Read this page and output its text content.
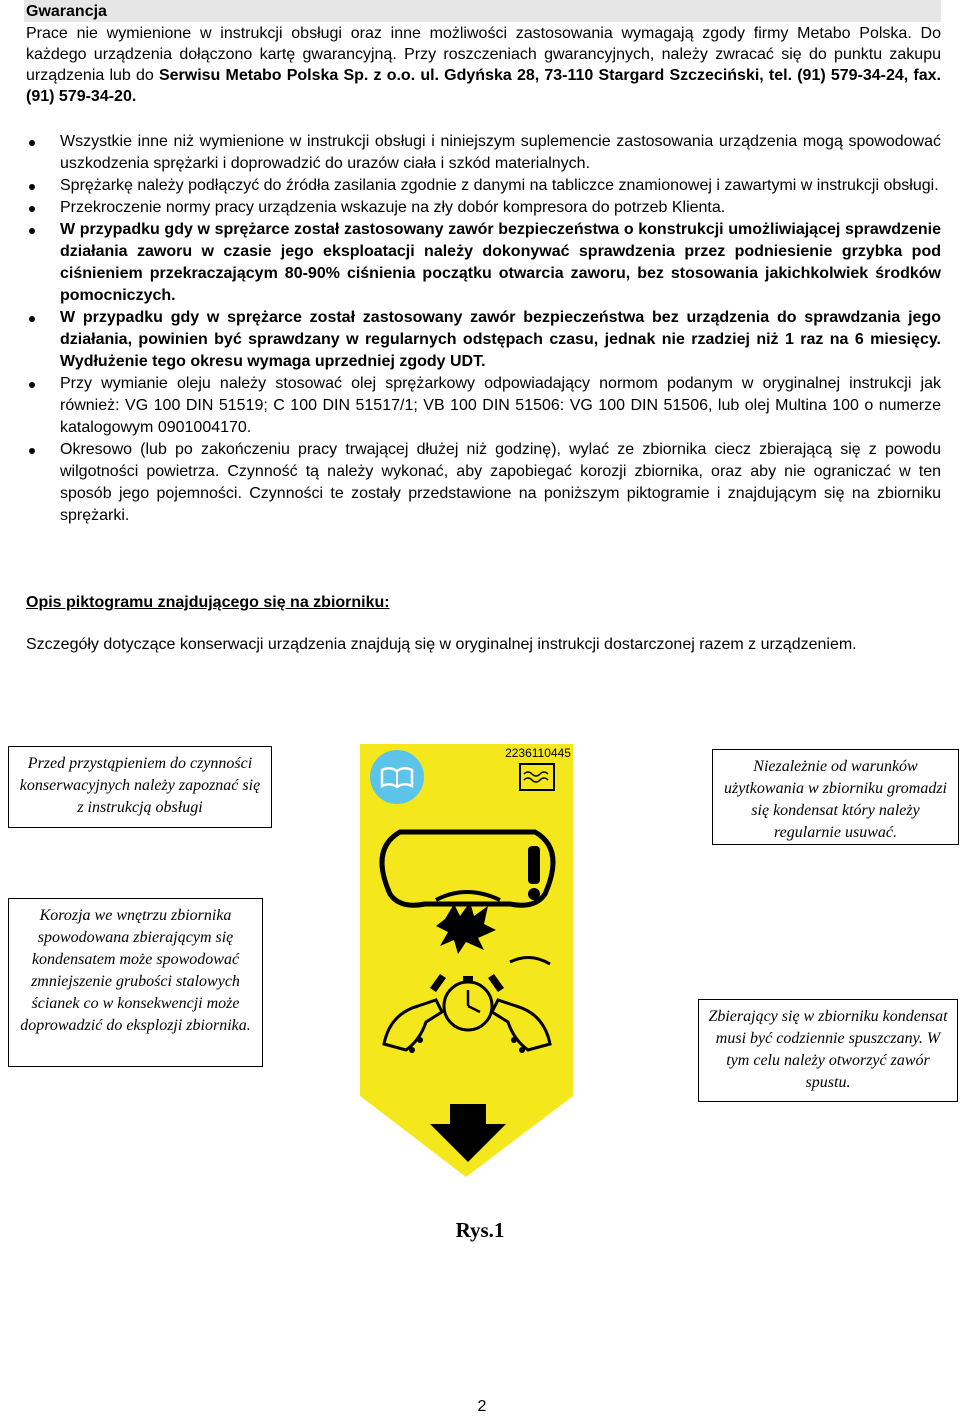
Gwarancja
Prace nie wymienione w instrukcji obsługi oraz inne możliwości zastosowania wymagają zgody firmy Metabo Polska. Do każdego urządzenia dołączono kartę gwarancyjną. Przy roszczeniach gwarancyjnych, należy zwracać się do punktu zakupu urządzenia lub do Serwisu Metabo Polska Sp. z o.o. ul. Gdyńska 28, 73-110 Stargard Szczeciński, tel. (91) 579-34-24, fax. (91) 579-34-20.
Wszystkie inne niż wymienione w instrukcji obsługi i niniejszym suplemencie zastosowania urządzenia mogą spowodować uszkodzenia sprężarki i doprowadzić do urazów ciała i szkód materialnych.
Sprężarkę należy podłączyć do źródła zasilania zgodnie z danymi na tabliczce znamionowej i zawartymi w instrukcji obsługi.
Przekroczenie normy pracy urządzenia wskazuje na zły dobór kompresora do potrzeb Klienta.
W przypadku gdy w sprężarce został zastosowany zawór bezpieczeństwa o konstrukcji umożliwiającej sprawdzenie działania zaworu w czasie jego eksploatacji należy dokonywać sprawdzenia przez podniesienie grzybka pod ciśnieniem przekraczającym 80-90% ciśnienia początku otwarcia zaworu, bez stosowania jakichkolwiek środków pomocniczych.
W przypadku gdy w sprężarce został zastosowany zawór bezpieczeństwa bez urządzenia do sprawdzania jego działania, powinien być sprawdzany w regularnych odstępach czasu, jednak nie rzadziej niż 1 raz na 6 miesięcy. Wydłużenie tego okresu wymaga uprzedniej zgody UDT.
Przy wymianie oleju należy stosować olej sprężarkowy odpowiadający normom podanym w oryginalnej instrukcji jak również: VG 100 DIN 51519; C 100 DIN 51517/1; VB 100 DIN 51506: VG 100 DIN 51506, lub olej Multina 100 o numerze katalogowym 0901004170.
Okresowo (lub po zakończeniu pracy trwającej dłużej niż godzinę), wylać ze zbiornika ciecz zbierającą się z powodu wilgotności powietrza. Czynność tą należy wykonać, aby zapobiegać korozji zbiornika, oraz aby nie ograniczać w ten sposób jego pojemności. Czynności te zostały przedstawione na poniższym piktogramie i znajdującym się na zbiorniku sprężarki.
Opis piktogramu znajdującego się na zbiorniku:
Szczegóły dotyczące konserwacji urządzenia znajdują się w oryginalnej instrukcji dostarczonej razem z urządzeniem.
Przed przystąpieniem do czynności konserwacyjnych należy zapoznać się z instrukcją obsługi
Niezależnie od warunków użytkowania w zbiorniku gromadzi się kondensat który należy regularnie usuwać.
Korozja we wnętrzu zbiornika spowodowana zbierającym się kondensatem może spowodować zmniejszenie grubości stalowych ścianek co w konsekwencji może doprowadzić do eksplozji zbiornika.
Zbierający się w zbiorniku kondensat musi być codziennie spuszczany. W tym celu należy otworzyć zawór spustu.
2236110445
Rys.1
2
